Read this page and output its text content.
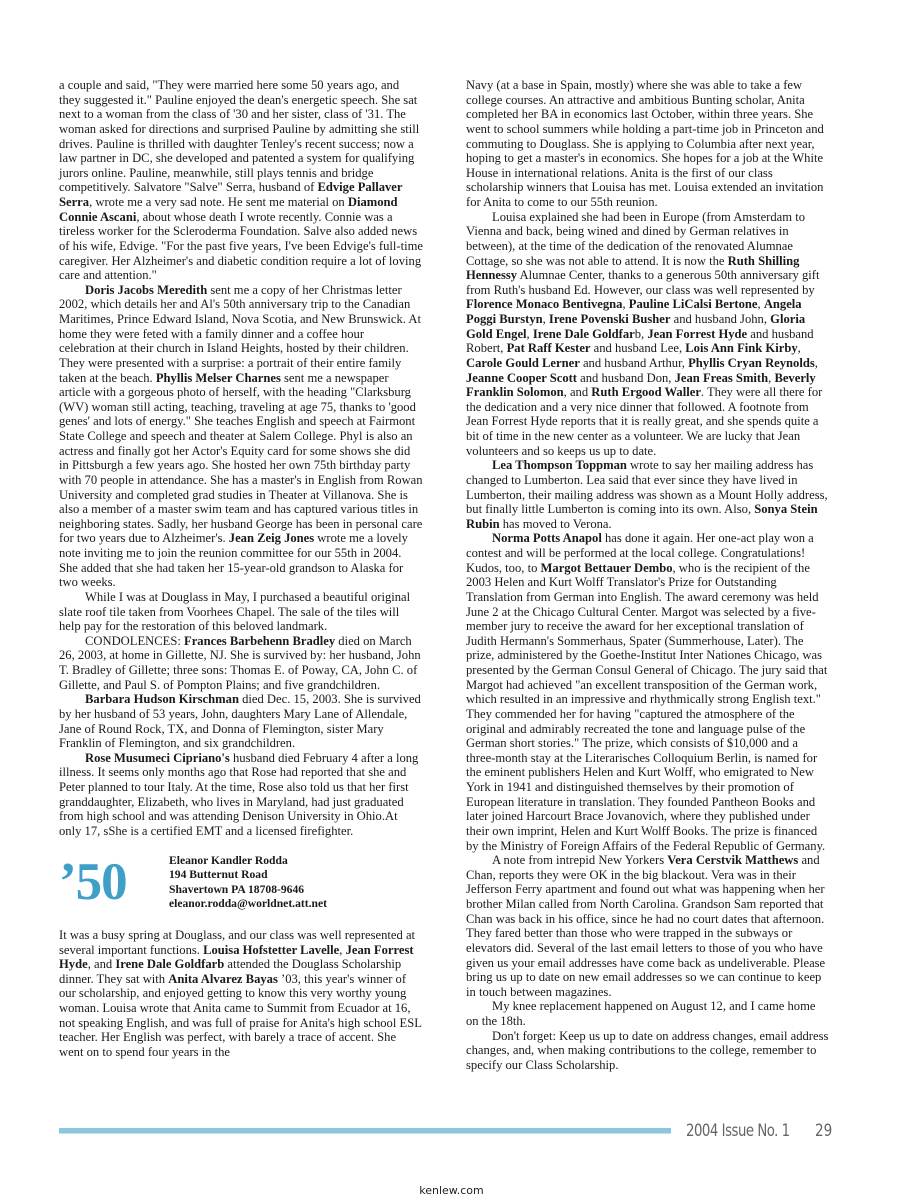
a couple and said, "They were married here some 50 years ago, and they suggested it." Pauline enjoyed the dean's energetic speech. She sat next to a woman from the class of '30 and her sister, class of '31. The woman asked for directions and surprised Pauline by admitting she still drives. Pauline is thrilled with daughter Tenley's recent success; now a law partner in DC, she developed and patented a system for qualifying jurors online. Pauline, meanwhile, still plays tennis and bridge competitively. Salvatore "Salve" Serra, husband of Edvige Pallaver Serra, wrote me a very sad note. He sent me material on Diamond Connie Ascani, about whose death I wrote recently. Connie was a tireless worker for the Scleroderma Foundation. Salve also added news of his wife, Edvige. "For the past five years, I've been Edvige's full-time caregiver. Her Alzheimer's and diabetic condition require a lot of loving care and attention."

Doris Jacobs Meredith sent me a copy of her Christmas letter 2002, which details her and Al's 50th anniversary trip to the Canadian Maritimes, Prince Edward Island, Nova Scotia, and New Brunswick. At home they were feted with a family dinner and a coffee hour celebration at their church in Island Heights, hosted by their children. They were presented with a surprise: a portrait of their entire family taken at the beach. Phyllis Melser Charnes sent me a newspaper article with a gorgeous photo of herself, with the heading "Clarksburg (WV) woman still acting, teaching, traveling at age 75, thanks to 'good genes' and lots of energy." She teaches English and speech at Fairmont State College and speech and theater at Salem College. Phyl is also an actress and finally got her Actor's Equity card for some shows she did in Pittsburgh a few years ago. She hosted her own 75th birthday party with 70 people in attendance. She has a master's in English from Rowan University and completed grad studies in Theater at Villanova. She is also a member of a master swim team and has captured various titles in neighboring states. Sadly, her husband George has been in personal care for two years due to Alzheimer's. Jean Zeig Jones wrote me a lovely note inviting me to join the reunion committee for our 55th in 2004. She added that she had taken her 15-year-old grandson to Alaska for two weeks.

While I was at Douglass in May, I purchased a beautiful original slate roof tile taken from Voorhees Chapel. The sale of the tiles will help pay for the restoration of this beloved landmark.

CONDOLENCES: Frances Barbehenn Bradley died on March 26, 2003, at home in Gillette, NJ. She is survived by: her husband, John T. Bradley of Gillette; three sons: Thomas E. of Poway, CA, John C. of Gillette, and Paul S. of Pompton Plains; and five grandchildren.

Barbara Hudson Kirschman died Dec. 15, 2003. She is survived by her husband of 53 years, John, daughters Mary Lane of Allendale, Jane of Round Rock, TX, and Donna of Flemington, sister Mary Franklin of Flemington, and six grandchildren.

Rose Musumeci Cipriano's husband died February 4 after a long illness. It seems only months ago that Rose had reported that she and Peter planned to tour Italy. At the time, Rose also told us that her first granddaughter, Elizabeth, who lives in Maryland, had just graduated from high school and was attending Denison University in Ohio.At only 17, sShe is a certified EMT and a licensed firefighter.

’50	Eleanor Kandler Rodda
194 Butternut Road
Shavertown PA 18708-9646
eleanor.rodda@worldnet.att.net

It was a busy spring at Douglass, and our class was well represented at several important functions. Louisa Hofstetter Lavelle, Jean Forrest Hyde, and Irene Dale Goldfarb attended the Douglass Scholarship dinner. They sat with Anita Alvarez Bayas ’03, this year's winner of our scholarship, and enjoyed getting to know this very worthy young woman. Louisa wrote that Anita came to Summit from Ecuador at 16, not speaking English, and was full of praise for Anita's high school ESL teacher. Her English was perfect, with barely a trace of accent. She went on to spend four years in the

Navy (at a base in Spain, mostly) where she was able to take a few college courses. An attractive and ambitious Bunting scholar, Anita completed her BA in economics last October, within three years. She went to school summers while holding a part-time job in Princeton and commuting to Douglass. She is applying to Columbia after next year, hoping to get a master's in economics. She hopes for a job at the White House in international relations. Anita is the first of our class scholarship winners that Louisa has met. Louisa extended an invitation for Anita to come to our 55th reunion.

Louisa explained she had been in Europe (from Amsterdam to Vienna and back, being wined and dined by German relatives in between), at the time of the dedication of the renovated Alumnae Cottage, so she was not able to attend. It is now the Ruth Shilling Hennessy Alumnae Center, thanks to a generous 50th anniversary gift from Ruth's husband Ed. However, our class was well represented by Florence Monaco Bentivegna, Pauline LiCalsi Bertone, Angela Poggi Burstyn, Irene Povenski Busher and husband John, Gloria Gold Engel, Irene Dale Goldfarb, Jean Forrest Hyde and husband Robert, Pat Raff Kester and husband Lee, Lois Ann Fink Kirby, Carole Gould Lerner and husband Arthur, Phyllis Cryan Reynolds, Jeanne Cooper Scott and husband Don, Jean Freas Smith, Beverly Franklin Solomon, and Ruth Ergood Waller. They were all there for the dedication and a very nice dinner that followed. A footnote from Jean Forrest Hyde reports that it is really great, and she spends quite a bit of time in the new center as a volunteer. We are lucky that Jean volunteers and so keeps us up to date.

Lea Thompson Toppman wrote to say her mailing address has changed to Lumberton. Lea said that ever since they have lived in Lumberton, their mailing address was shown as a Mount Holly address, but finally little Lumberton is coming into its own. Also, Sonya Stein Rubin has moved to Verona.

Norma Potts Anapol has done it again. Her one-act play won a contest and will be performed at the local college. Congratulations! Kudos, too, to Margot Bettauer Dembo, who is the recipient of the 2003 Helen and Kurt Wolff Translator's Prize for Outstanding Translation from German into English. The award ceremony was held June 2 at the Chicago Cultural Center. Margot was selected by a five-member jury to receive the award for her exceptional translation of Judith Hermann's Sommerhaus, Spater (Summerhouse, Later). The prize, administered by the Goethe-Institut Inter Nationes Chicago, was presented by the German Consul General of Chicago. The jury said that Margot had achieved "an excellent transposition of the German work, which resulted in an impressive and rhythmically strong English text." They commended her for having "captured the atmosphere of the original and admirably recreated the tone and language pulse of the German short stories." The prize, which consists of $10,000 and a three-month stay at the Literarisches Colloquium Berlin, is named for the eminent publishers Helen and Kurt Wolff, who emigrated to New York in 1941 and distinguished themselves by their promotion of European literature in translation. They founded Pantheon Books and later joined Harcourt Brace Jovanovich, where they published under their own imprint, Helen and Kurt Wolff Books. The prize is financed by the Ministry of Foreign Affairs of the Federal Republic of Germany.

A note from intrepid New Yorkers Vera Cerstvik Matthews and Chan, reports they were OK in the big blackout. Vera was in their Jefferson Ferry apartment and found out what was happening when her brother Milan called from North Carolina. Grandson Sam reported that Chan was back in his office, since he had no court dates that afternoon. They fared better than those who were trapped in the subways or elevators did. Several of the last email letters to those of you who have given us your email addresses have come back as undeliverable. Please bring us up to date on new email addresses so we can continue to keep in touch between magazines.

My knee replacement happened on August 12, and I came home on the 18th.

Don't forget: Keep us up to date on address changes, email address changes, and, when making contributions to the college, remember to specify our Class Scholarship.

2004 Issue No. 1 29
kenlew.com
